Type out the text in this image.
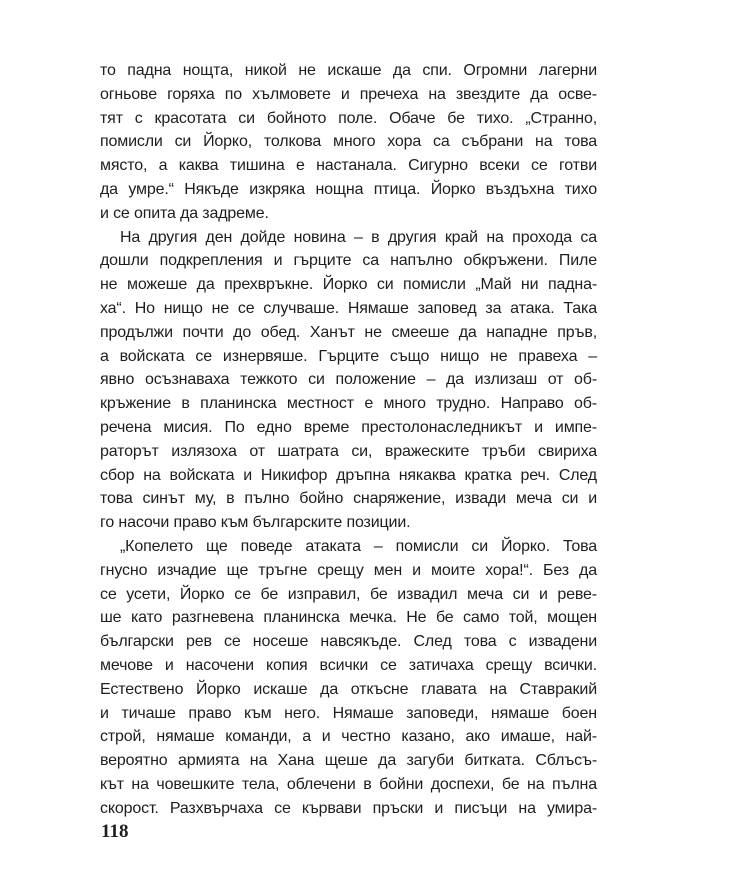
то падна нощта, никой не искаше да спи. Огромни лагерни
огньове горяха по хълмовете и пречеха на звездите да осве-
тят с красотата си бойното поле. Обаче бе тихо. „Странно,
помисли си Йорко, толкова много хора са събрани на това
място, а каква тишина е настанала. Сигурно всеки се готви
да умре.“ Някъде изкряка нощна птица. Йорко въздъхна тихо
и се опита да задреме.
На другия ден дойде новина – в другия край на прохода са
дошли подкрепления и гърците са напълно обкръжени. Пиле
не можеше да прехвръкне. Йорко си помисли „Май ни падна-
ха“. Но нищо не се случваше. Нямаше заповед за атака. Така
продължи почти до обед. Ханът не смееше да нападне пръв,
а войската се изнервяше. Гърците също нищо не правеха –
явно осъзнаваха тежкото си положение – да излизаш от об-
кръжение в планинска местност е много трудно. Направо об-
речена мисия. По едно време престолонаследникът и импе-
раторът излязоха от шатрата си, вражеските тръби свириха
сбор на войската и Никифор дръпна някаква кратка реч. След
това синът му, в пълно бойно снаряжение, извади меча си и
го насочи право към българските позиции.
„Копелето ще поведе атаката – помисли си Йорко. Това
гнусно изчадие ще тръгне срещу мен и моите хора!“. Без да
се усети, Йорко се бе изправил, бе извадил меча си и реве-
ше като разгневена планинска мечка. Не бе само той, мощен
български рев се носеше навсякъде. След това с извадени
мечове и насочени копия всички се затичаха срещу всички.
Естествено Йорко искаше да откъсне главата на Ставракий
и тичаше право към него. Нямаше заповеди, нямаше боен
строй, нямаше команди, а и честно казано, ако имаше, най-
вероятно армията на Хана щеше да загуби битката. Сблъсъ-
кът на човешките тела, облечени в бойни доспехи, бе на пълна
скорост. Разхвърчаха се кървави пръски и писъци на умира-
118
